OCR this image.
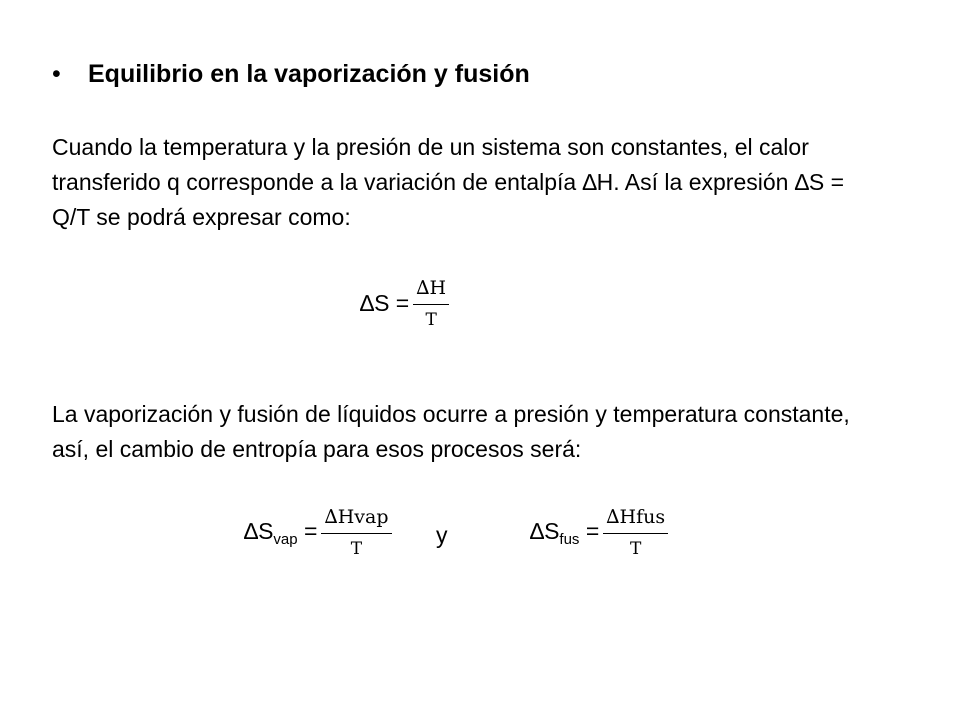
• Equilibrio en la vaporización y fusión

Cuando la temperatura y la presión de un sistema son constantes, el calor transferido q corresponde a la variación de entalpía ∆H. Así la expresión ∆S = Q/T se podrá expresar como:

$\Delta S = \frac{\Delta H}{T}$

La vaporización y fusión de líquidos ocurre a presión y temperatura constante, así, el cambio de entropía para esos procesos será:

$\Delta S_{vap} = \frac{\text{∆Hvap}}{T}$ y	$\Delta S_{fus} = \frac{\text{∆Hfus}}{T}$
